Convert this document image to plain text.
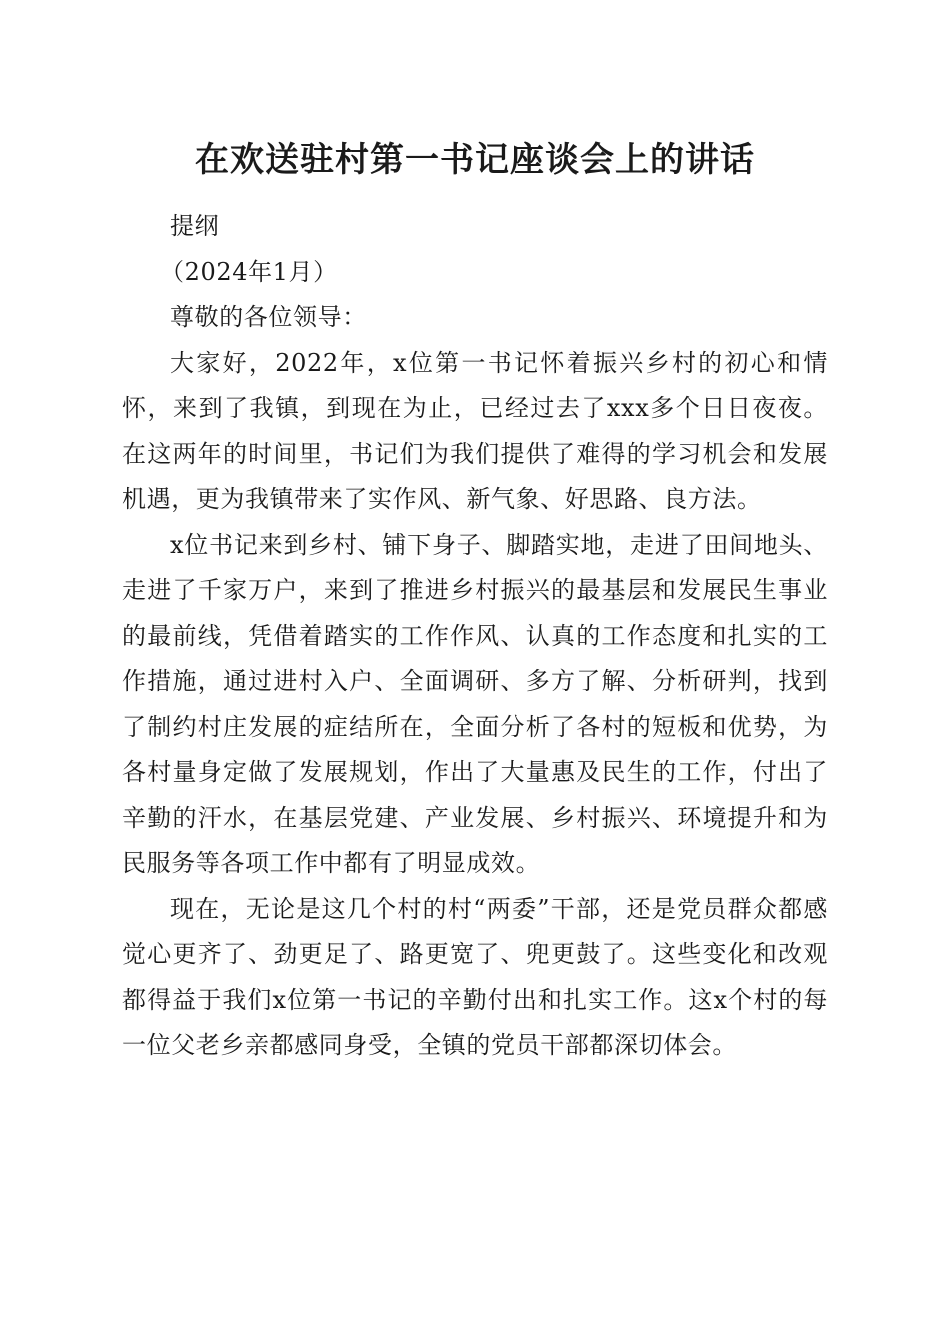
在欢送驻村第一书记座谈会上的讲话

提纲

（2024年1月）

尊敬的各位领导：

大家好，2022年，x位第一书记怀着振兴乡村的初心和情怀，来到了我镇，到现在为止，已经过去了xxx多个日日夜夜。在这两年的时间里，书记们为我们提供了难得的学习机会和发展机遇，更为我镇带来了实作风、新气象、好思路、良方法。

x位书记来到乡村、铺下身子、脚踏实地，走进了田间地头、走进了千家万户，来到了推进乡村振兴的最基层和发展民生事业的最前线，凭借着踏实的工作作风、认真的工作态度和扎实的工作措施，通过进村入户、全面调研、多方了解、分析研判，找到了制约村庄发展的症结所在，全面分析了各村的短板和优势，为各村量身定做了发展规划，作出了大量惠及民生的工作，付出了辛勤的汗水，在基层党建、产业发展、乡村振兴、环境提升和为民服务等各项工作中都有了明显成效。

现在，无论是这几个村的村“两委”干部，还是党员群众都感觉心更齐了、劲更足了、路更宽了、兜更鼓了。这些变化和改观都得益于我们x位第一书记的辛勤付出和扎实工作。这x个村的每一位父老乡亲都感同身受，全镇的党员干部都深切体会。
